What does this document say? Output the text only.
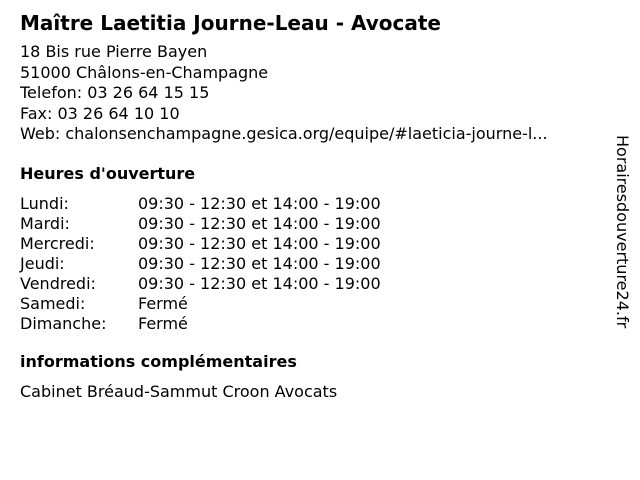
Maître Laetitia Journe-Leau - Avocate
18 Bis rue Pierre Bayen
51000 Châlons-en-Champagne
Telefon: 03 26 64 15 15
Fax: 03 26 64 10 10
Web: chalonsenchampagne.gesica.org/equipe/#laeticia-journe-l...
Heures d'ouverture
Lundi:	09:30 - 12:30 et 14:00 - 19:00
Mardi:	09:30 - 12:30 et 14:00 - 19:00
Mercredi:	09:30 - 12:30 et 14:00 - 19:00
Jeudi:	09:30 - 12:30 et 14:00 - 19:00
Vendredi:	09:30 - 12:30 et 14:00 - 19:00
Samedi:	Fermé
Dimanche:	Fermé
informations complémentaires
Cabinet Bréaud-Sammut Croon Avocats
Horairesdouverture24.fr
